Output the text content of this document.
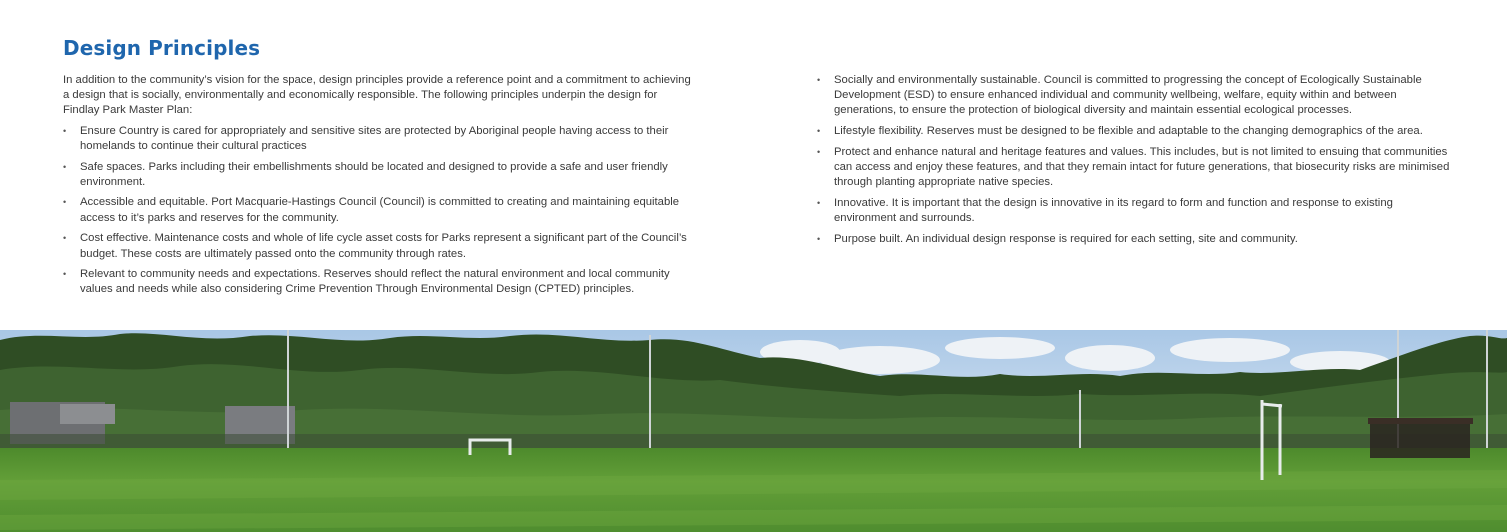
Design Principles

In addition to the community’s vision for the space, design principles provide a reference point and a commitment to achieving a design that is socially, environmentally and economically responsible. The following principles underpin the design for Findlay Park Master Plan:

• Ensure Country is cared for appropriately and sensitive sites are protected by Aboriginal people having access to their homelands to continue their cultural practices
• Safe spaces. Parks including their embellishments should be located and designed to provide a safe and user friendly environment.
• Accessible and equitable. Port Macquarie-Hastings Council (Council) is committed to creating and maintaining equitable access to it’s parks and reserves for the community.
• Cost effective. Maintenance costs and whole of life cycle asset costs for Parks represent a significant part of the Council’s budget. These costs are ultimately passed onto the community through rates.
• Relevant to community needs and expectations. Reserves should reflect the natural environment and local community values and needs while also considering Crime Prevention Through Environmental Design (CPTED) principles.
• Socially and environmentally sustainable. Council is committed to progressing the concept of Ecologically Sustainable Development (ESD) to ensure enhanced individual and community wellbeing, welfare, equity within and between generations, to ensure the protection of biological diversity and maintain essential ecological processes.
• Lifestyle flexibility. Reserves must be designed to be flexible and adaptable to the changing demographics of the area.
• Protect and enhance natural and heritage features and values. This includes, but is not limited to ensuing that communities can access and enjoy these features, and that they remain intact for future generations, that biosecurity risks are minimised through planting appropriate native species.
• Innovative. It is important that the design is innovative in its regard to form and function and response to existing environment and surrounds.
• Purpose built. An individual design response is required for each setting, site and community.
